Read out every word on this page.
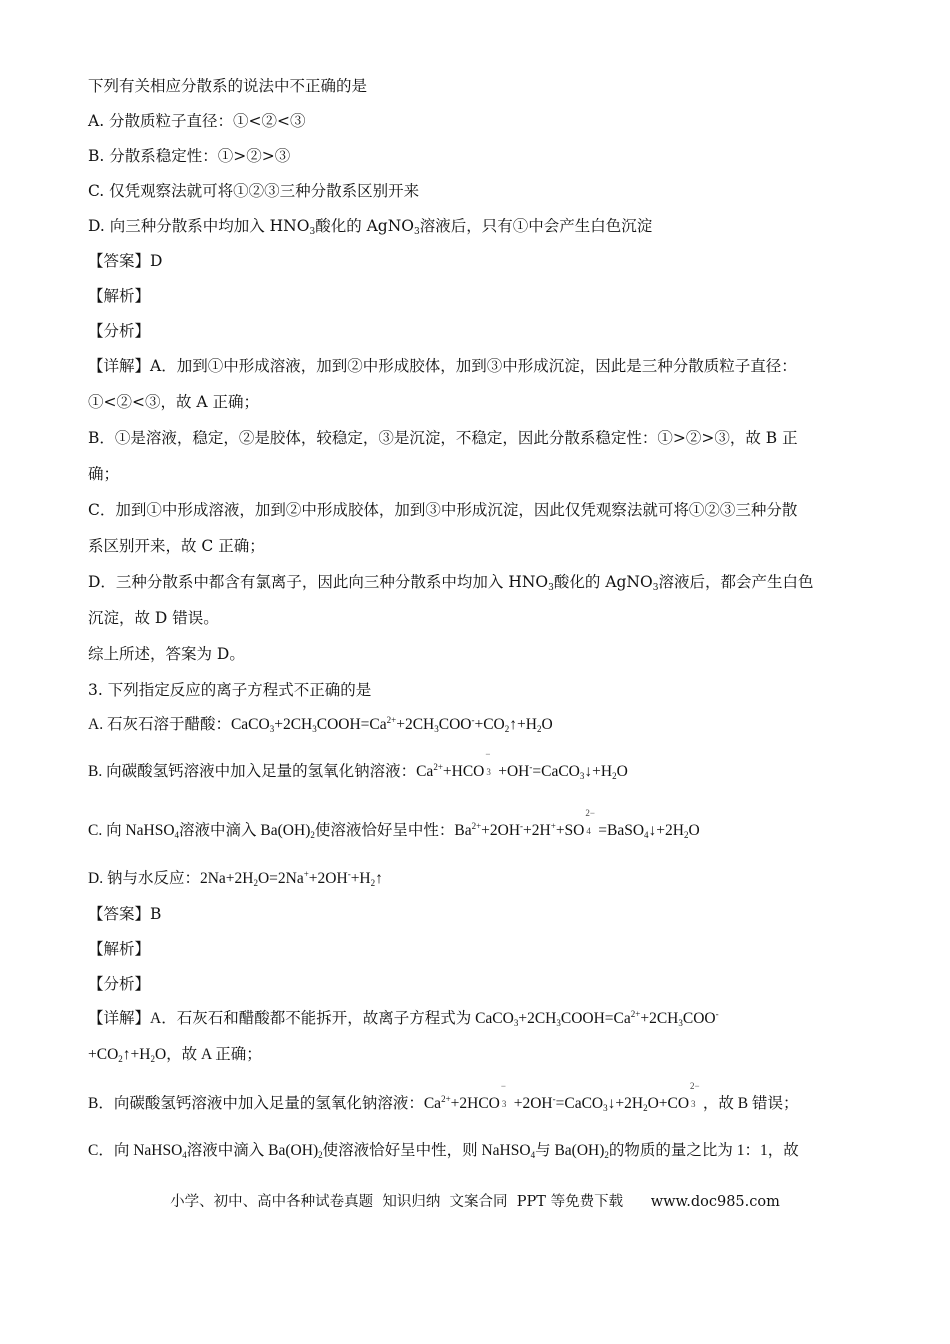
下列有关相应分散系的说法中不正确的是
A. 分散质粒子直径：①<②<③
B. 分散系稳定性：①>②>③
C. 仅凭观察法就可将①②③三种分散系区别开来
D. 向三种分散系中均加入 $HNO_3$酸化的 AgNO$_3$溶液后，只有①中会产生白色沉淀
【答案】D
【解析】
【分析】
【详解】A．加到①中形成溶液，加到②中形成胶体，加到③中形成沉淀，因此是三种分散质粒子直径：
①<②<③，故 A 正确；
B．①是溶液，稳定，②是胶体，较稳定，③是沉淀，不稳定，因此分散系稳定性：①>②>③，故 B 正
确；
C．加到①中形成溶液，加到②中形成胶体，加到③中形成沉淀，因此仅凭观察法就可将①②③三种分散
系区别开来，故 C 正确；
D．三种分散系中都含有氯离子，因此向三种分散系中均加入 $HNO_3$酸化的 AgNO$_3$溶液后，都会产生白色
沉淀，故 D 错误。
综上所述，答案为 D。
3. 下列指定反应的离子方程式不正确的是
A. 石灰石溶于醋酸：$CaCO_3+2CH_3COOH=Ca^{2+}+2CH_3COO^-+CO_2↑+H_2O$
B. 向碳酸氢钙溶液中加入足量的氢氧化钠溶液：$Ca^{2+}+HCO$
−
$3 +OH^-=CaCO_3↓+H_2O$
C. 向 NaHSO$_4$溶液中滴入 $Ba(OH)_2$使溶液恰好呈中性：$Ba^{2+}+2OH^-+2H^++SO$
2−
$4 =BaSO_4↓+2H_2O$
D. 钠与水反应：$2Na+2H_2O=2Na^++2OH^-+H_2↑$
【答案】B
【解析】
【分析】
【详解】A．石灰石和醋酸都不能拆开，故离子方程式为 $CaCO_3+2CH_3COOH=Ca^{2+}+2CH_3COO^-$
$+CO_2↑+H_2O$，故 A 正确；
B．向碳酸氢钙溶液中加入足量的氢氧化钠溶液：$Ca^{2+}+2HCO$
−
$3 +2OH^-=CaCO_3↓+2H_2O+CO$
2−
3 ，故 B 错误；
C．向 NaHSO$_4$溶液中滴入 $Ba(OH)_2$使溶液恰好呈中性，则 NaHSO$_4$与 $Ba(OH)_2$的物质的量之比为 1：1，故
小学、初中、高中各种试卷真题  知识归纳  文案合同  PPT 等免费下载      www.doc985.com
